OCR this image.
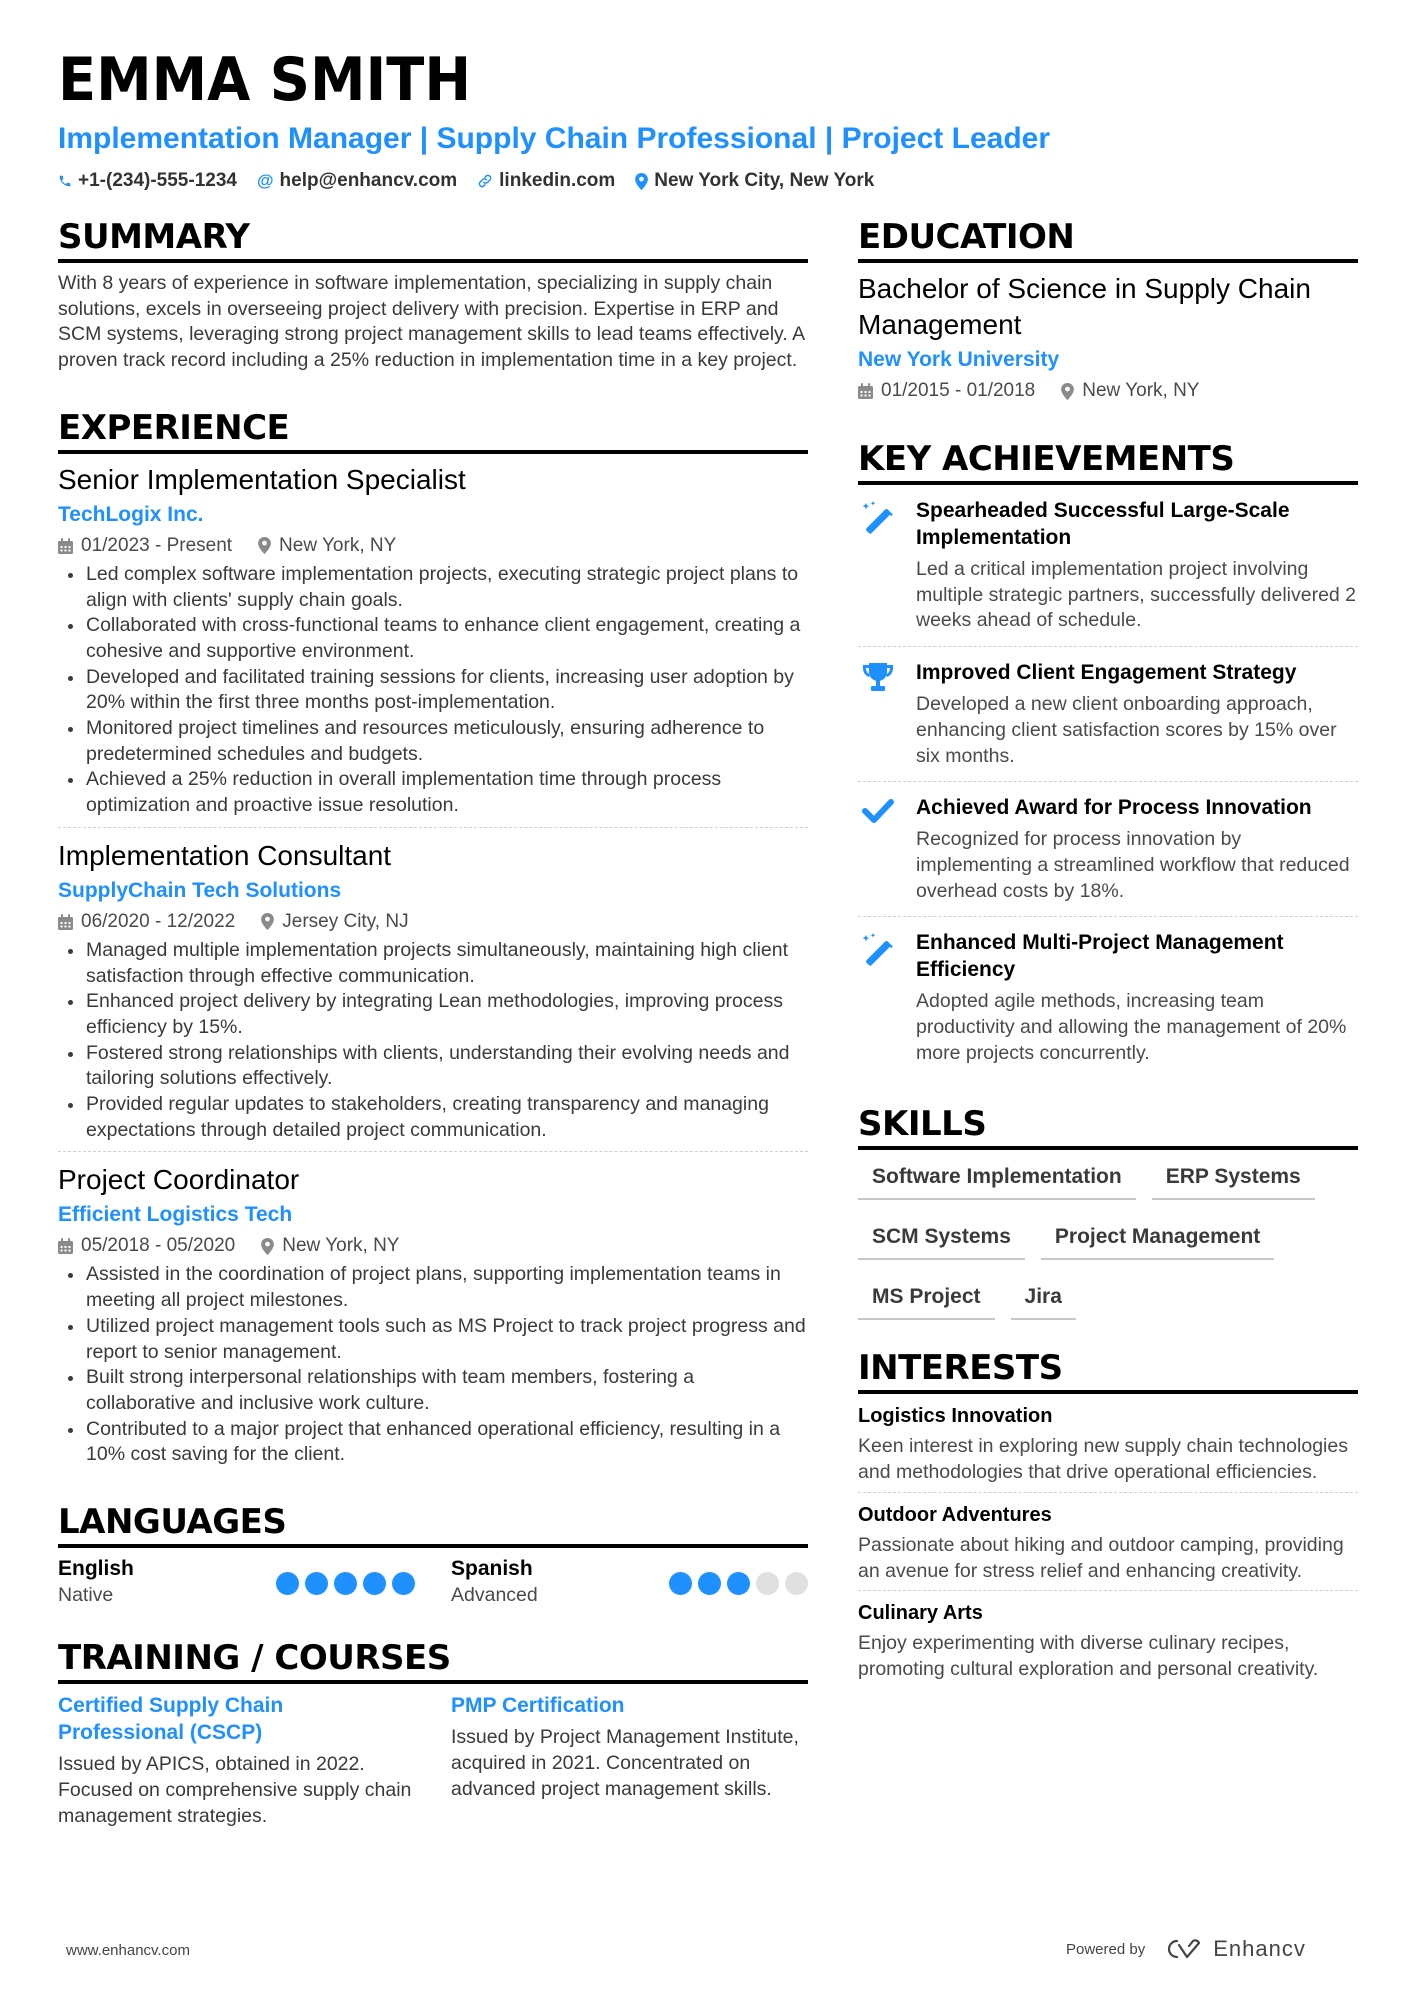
EMMA SMITH
Implementation Manager | Supply Chain Professional | Project Leader
+1-(234)-555-1234 @ help@enhancv.com linkedin.com New York City, New York
SUMMARY
With 8 years of experience in software implementation, specializing in supply chain solutions, excels in overseeing project delivery with precision. Expertise in ERP and SCM systems, leveraging strong project management skills to lead teams effectively. A proven track record including a 25% reduction in implementation time in a key project.
EXPERIENCE
Senior Implementation Specialist
TechLogix Inc.
01/2023 - Present New York, NY
Led complex software implementation projects, executing strategic project plans to align with clients' supply chain goals.
Collaborated with cross-functional teams to enhance client engagement, creating a cohesive and supportive environment.
Developed and facilitated training sessions for clients, increasing user adoption by 20% within the first three months post-implementation.
Monitored project timelines and resources meticulously, ensuring adherence to predetermined schedules and budgets.
Achieved a 25% reduction in overall implementation time through process optimization and proactive issue resolution.
Implementation Consultant
SupplyChain Tech Solutions
06/2020 - 12/2022 Jersey City, NJ
Managed multiple implementation projects simultaneously, maintaining high client satisfaction through effective communication.
Enhanced project delivery by integrating Lean methodologies, improving process efficiency by 15%.
Fostered strong relationships with clients, understanding their evolving needs and tailoring solutions effectively.
Provided regular updates to stakeholders, creating transparency and managing expectations through detailed project communication.
Project Coordinator
Efficient Logistics Tech
05/2018 - 05/2020 New York, NY
Assisted in the coordination of project plans, supporting implementation teams in meeting all project milestones.
Utilized project management tools such as MS Project to track project progress and report to senior management.
Built strong interpersonal relationships with team members, fostering a collaborative and inclusive work culture.
Contributed to a major project that enhanced operational efficiency, resulting in a 10% cost saving for the client.
LANGUAGES
English
Native
Spanish
Advanced
TRAINING / COURSES
Certified Supply Chain Professional (CSCP)
Issued by APICS, obtained in 2022. Focused on comprehensive supply chain management strategies.
PMP Certification
Issued by Project Management Institute, acquired in 2021. Concentrated on advanced project management skills.
EDUCATION
Bachelor of Science in Supply Chain Management
New York University
01/2015 - 01/2018 New York, NY
KEY ACHIEVEMENTS
Spearheaded Successful Large-Scale Implementation
Led a critical implementation project involving multiple strategic partners, successfully delivered 2 weeks ahead of schedule.
Improved Client Engagement Strategy
Developed a new client onboarding approach, enhancing client satisfaction scores by 15% over six months.
Achieved Award for Process Innovation
Recognized for process innovation by implementing a streamlined workflow that reduced overhead costs by 18%.
Enhanced Multi-Project Management Efficiency
Adopted agile methods, increasing team productivity and allowing the management of 20% more projects concurrently.
SKILLS
Software Implementation	ERP Systems
SCM Systems	Project Management
MS Project	Jira
INTERESTS
Logistics Innovation
Keen interest in exploring new supply chain technologies and methodologies that drive operational efficiencies.
Outdoor Adventures
Passionate about hiking and outdoor camping, providing an avenue for stress relief and enhancing creativity.
Culinary Arts
Enjoy experimenting with diverse culinary recipes, promoting cultural exploration and personal creativity.
www.enhancv.com	Powered by	Enhancv
